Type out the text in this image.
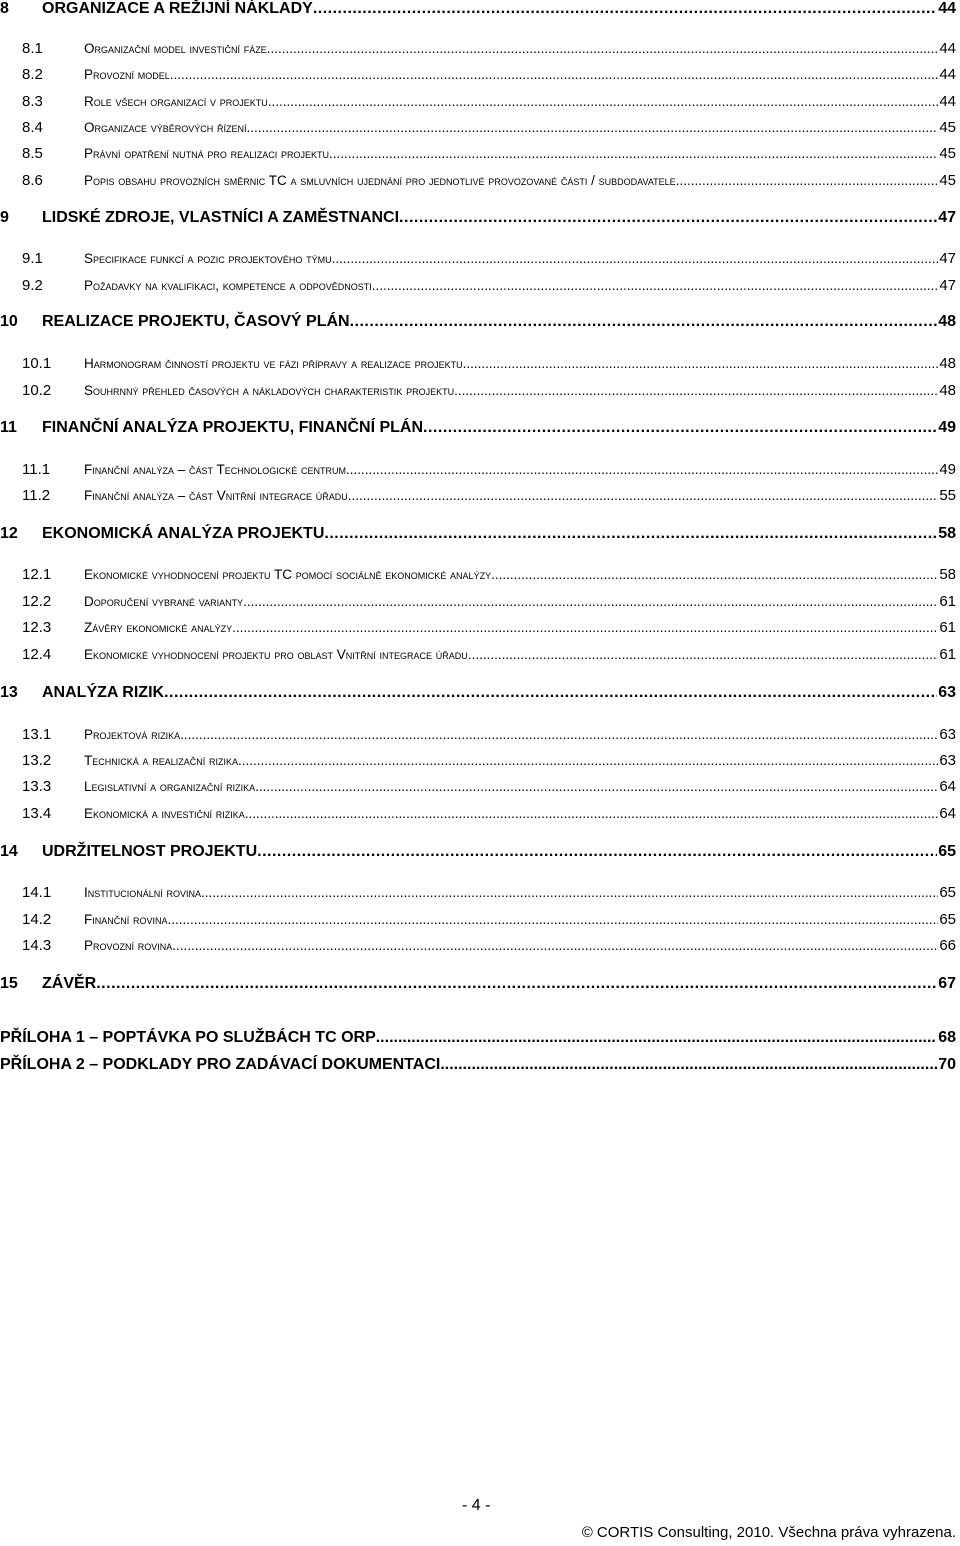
8	ORGANIZACE A REŽIJNÍ NÁKLADY .....	44
8.1	Organizační model investiční fáze .....	44
8.2	Provozní model .....	44
8.3	Role všech organizací v projektu .....	44
8.4	Organizace výběrových řízení .....	45
8.5	Právní opatření nutná pro realizaci projektu .....	45
8.6	Popis obsahu provozních směrnic TC a smluvních ujednání pro jednotlivé provozované části / subdodavatele .....	45
9	LIDSKÉ ZDROJE, VLASTNÍCI A ZAMĚSTNANCI .....	47
9.1	Specifikace funkcí a pozic projektového týmu .....	47
9.2	Požadavky na kvalifikaci, kompetence a odpovědnosti .....	47
10	REALIZACE PROJEKTU, ČASOVÝ PLÁN .....	48
10.1	Harmonogram činností projektu ve fázi přípravy a realizace projektu .....	48
10.2	Souhrnný přehled časových a nákladových charakteristik projektu .....	48
11	FINANČNÍ ANALÝZA PROJEKTU, FINANČNÍ PLÁN .....	49
11.1	Finanční analýza – část Technologické centrum .....	49
11.2	Finanční analýza – část Vnitřní integrace úřadu .....	55
12	EKONOMICKÁ ANALÝZA PROJEKTU .....	58
12.1	Ekonomické vyhodnocení projektu TC pomocí sociálně ekonomické analýzy .....	58
12.2	Doporučení vybrané varianty .....	61
12.3	Závěry ekonomické analýzy .....	61
12.4	Ekonomické vyhodnocení projektu pro oblast Vnitřní integrace úřadu .....	61
13	ANALÝZA RIZIK .....	63
13.1	Projektová rizika .....	63
13.2	Technická a realizační rizika .....	63
13.3	Legislativní a organizační rizika .....	64
13.4	Ekonomická a investiční rizika .....	64
14	UDRŽITELNOST PROJEKTU .....	65
14.1	Institucionální rovina .....	65
14.2	Finanční rovina .....	65
14.3	Provozní rovina .....	66
15	ZÁVĚR .....	67
PŘÍLOHA 1 – POPTÁVKA PO SLUŽBÁCH TC ORP .....	68
PŘÍLOHA 2 – PODKLADY PRO ZADÁVACÍ DOKUMENTACI .....	70
- 4 -
© CORTIS Consulting, 2010. Všechna práva vyhrazena.
